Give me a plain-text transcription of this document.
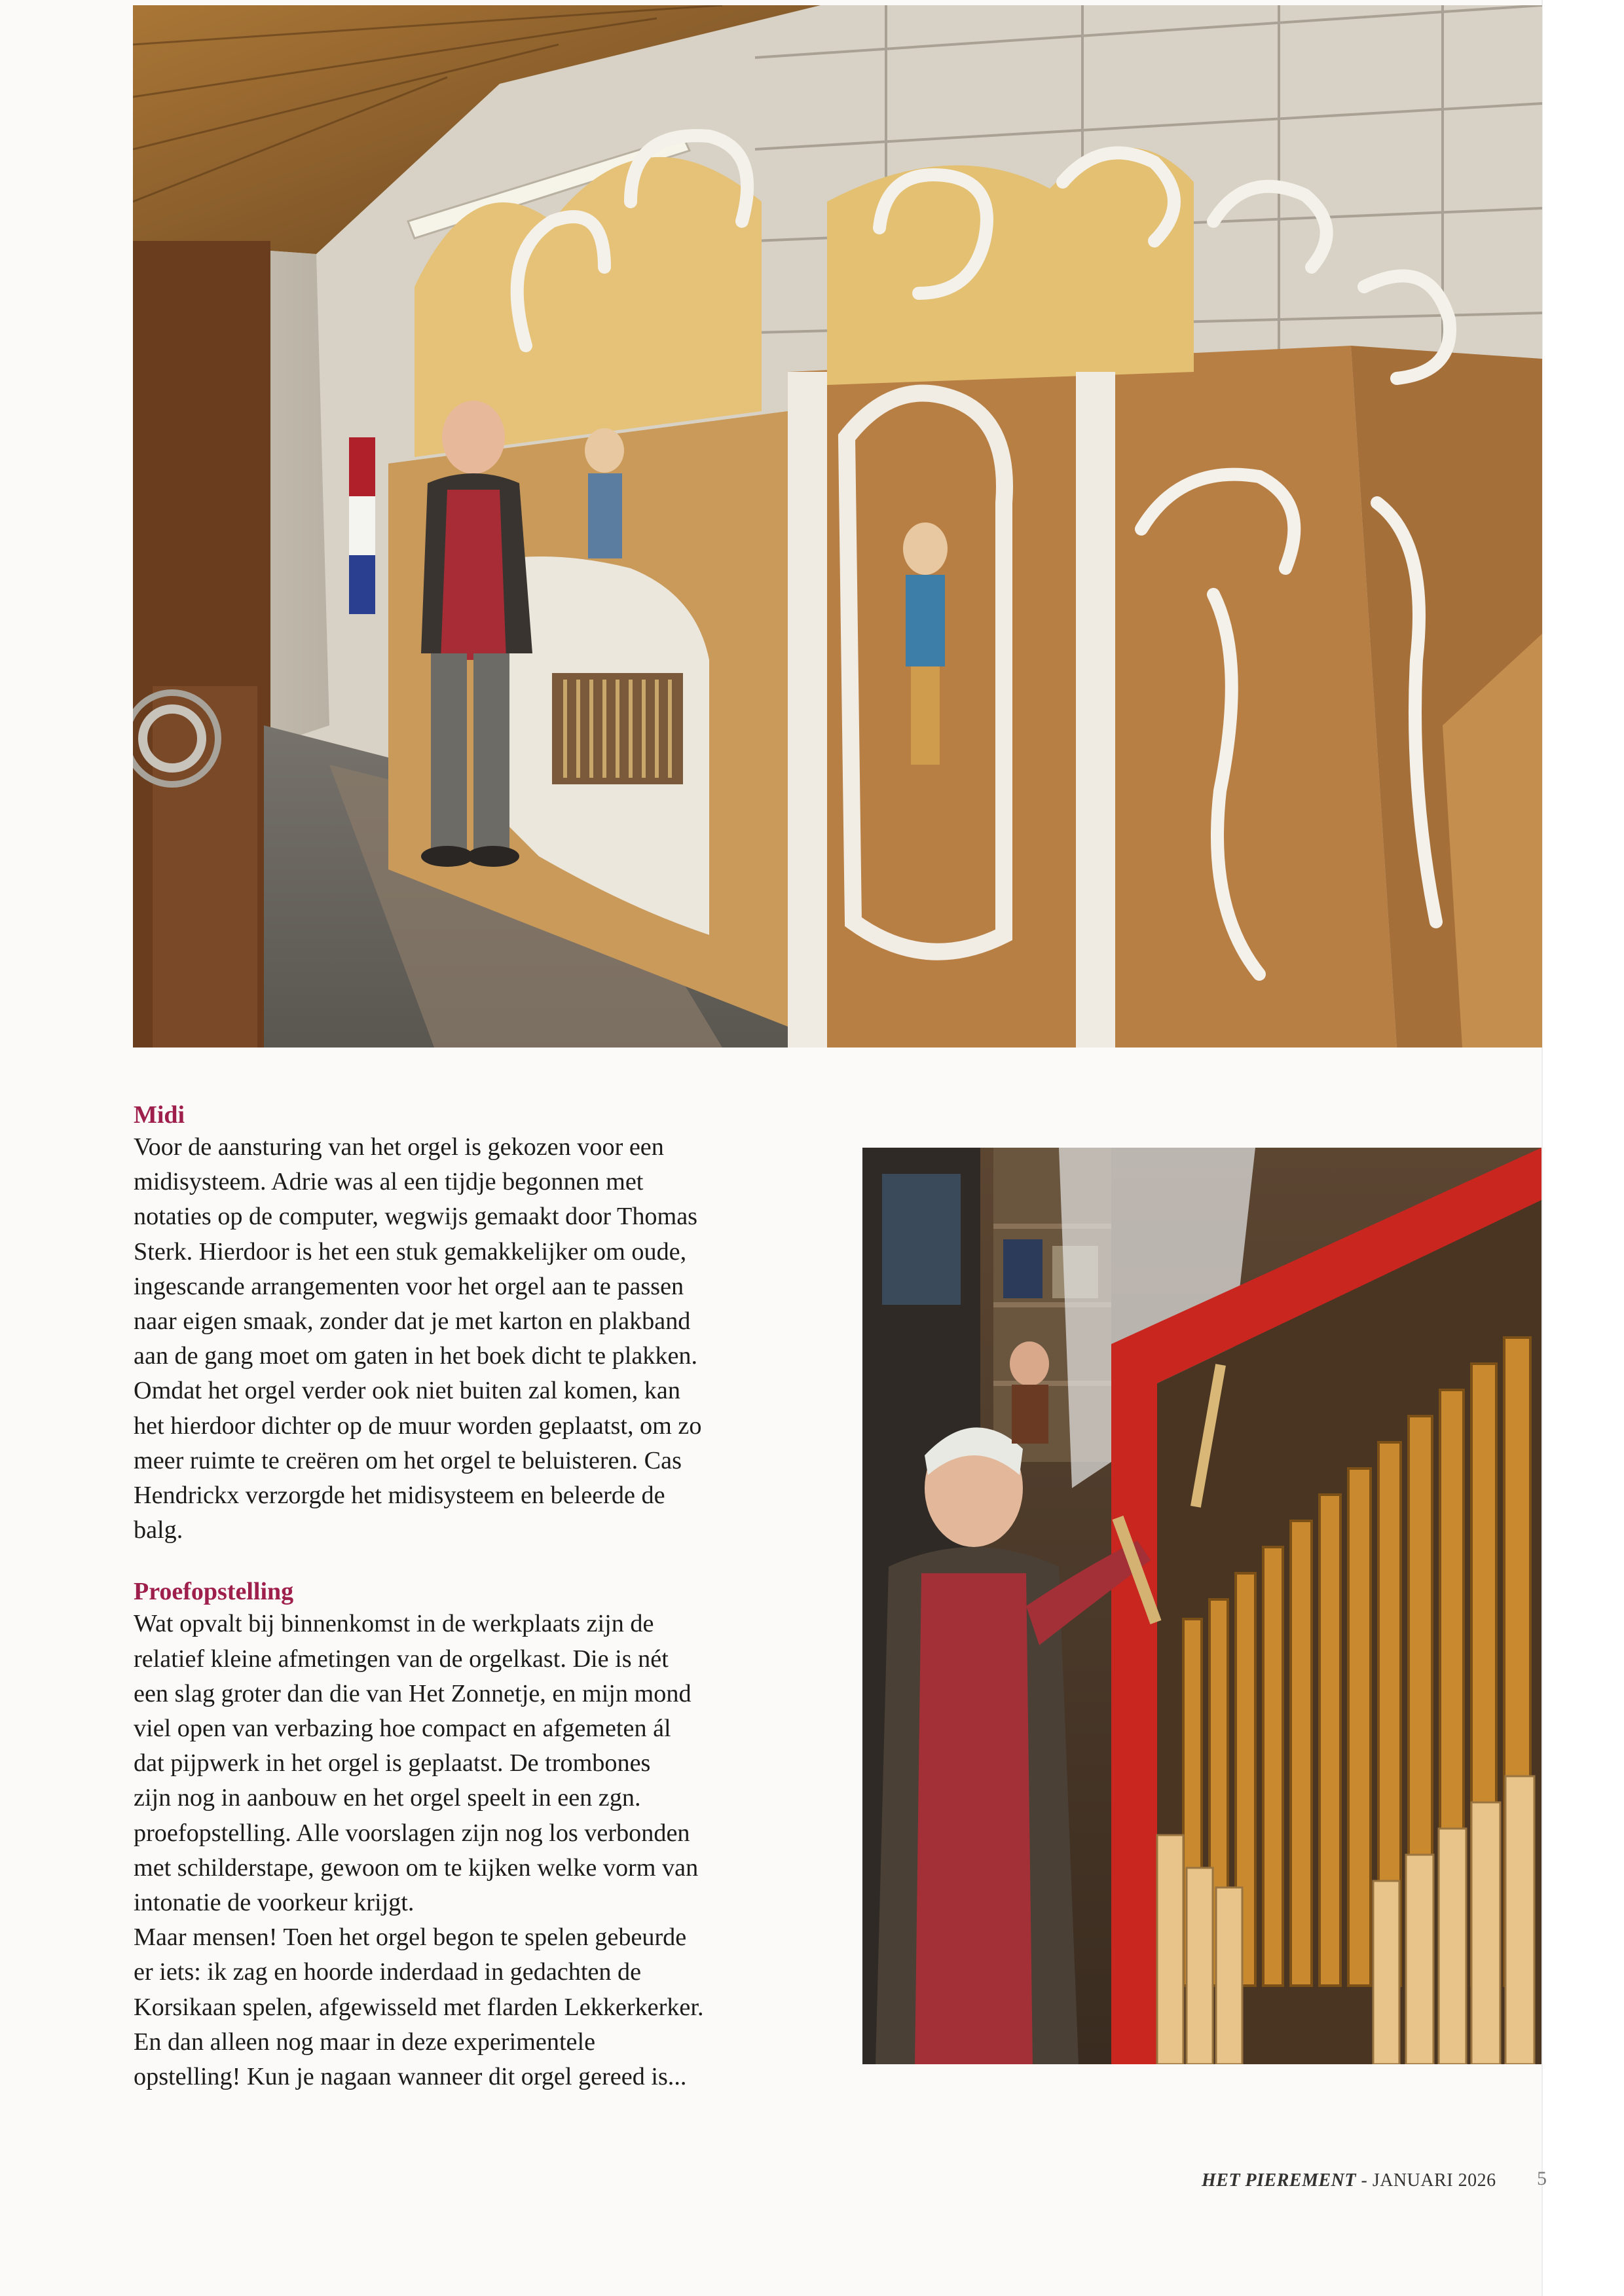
Midi

Voor de aansturing van het orgel is gekozen voor een

midisysteem. Adrie was al een tijdje begonnen met

notaties op de computer, wegwijs gemaakt door Thomas

Sterk. Hierdoor is het een stuk gemakkelijker om oude,

ingescande arrangementen voor het orgel aan te passen

naar eigen smaak, zonder dat je met karton en plakband

aan de gang moet om gaten in het boek dicht te plakken.

Omdat het orgel verder ook niet buiten zal komen, kan

het hierdoor dichter op de muur worden geplaatst, om zo

meer ruimte te creëren om het orgel te beluisteren. Cas

Hendrickx verzorgde het midisysteem en beleerde de

balg.

Proefopstelling

Wat opvalt bij binnenkomst in de werkplaats zijn de

relatief kleine afmetingen van de orgelkast. Die is nét

een slag groter dan die van Het Zonnetje, en mijn mond

viel open van verbazing hoe compact en afgemeten ál

dat pijpwerk in het orgel is geplaatst. De trombones

zijn nog in aanbouw en het orgel speelt in een zgn.

proefopstelling. Alle voorslagen zijn nog los verbonden

met schilderstape, gewoon om te kijken welke vorm van

intonatie de voorkeur krijgt.

Maar mensen! Toen het orgel begon te spelen gebeurde

er iets: ik zag en hoorde inderdaad in gedachten de

Korsikaan spelen, afgewisseld met flarden Lekkerkerker.

En dan alleen nog maar in deze experimentele

opstelling! Kun je nagaan wanneer dit orgel gereed is...

HET PIEREMENT - JANUARI 2026 5
